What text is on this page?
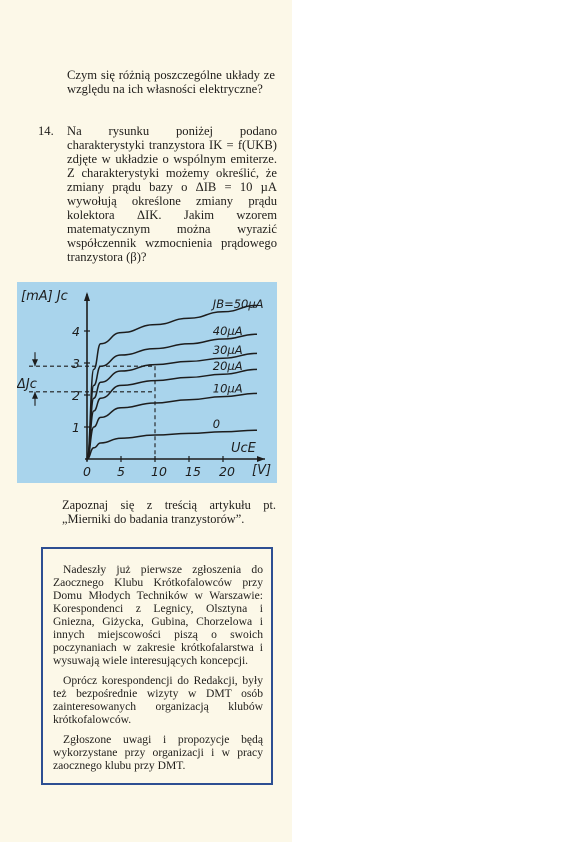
Czym się różnią poszczególne układy ze względu na ich własności elektryczne?

14. Na rysunku poniżej podano charakterystyki tranzystora IK = f(UKB) zdjęte w układzie o wspólnym emiterze. Z charakterystyki możemy określić, że zmiany prądu bazy o ΔIB = 10 µA wywołują określone zmiany prądu kolektora ΔIK. Jakim wzorem matematycznym można wyrazić współczennik wzmocnienia prądowego tranzystora (β)?

JB=50µA
40µA
30µA
20µA
10µA
0
0 5 10 15 20
1
2
3
4
[mA] Jc
UcE
[V]
ΔJc

Zapoznaj się z treścią artykułu pt. „Mierniki do badania tranzystorów”.

Nadeszły już pierwsze zgłoszenia do Zaocznego Klubu Krótkofalowców przy Domu Młodych Techników w Warszawie: Korespondenci z Legnicy, Olsztyna i Gniezna, Giżycka, Gubina, Chorzelowa i innych miejscowości piszą o swoich poczynaniach w zakresie krótkofalarstwa i wysuwają wiele interesujących koncepcji.

Oprócz korespondencji do Redakcji, były też bezpośrednie wizyty w DMT osób zainteresowanych organizacją klubów krótkofalowców.

Zgłoszone uwagi i propozycje będą wykorzystane przy organizacji i w pracy zaocznego klubu przy DMT.
